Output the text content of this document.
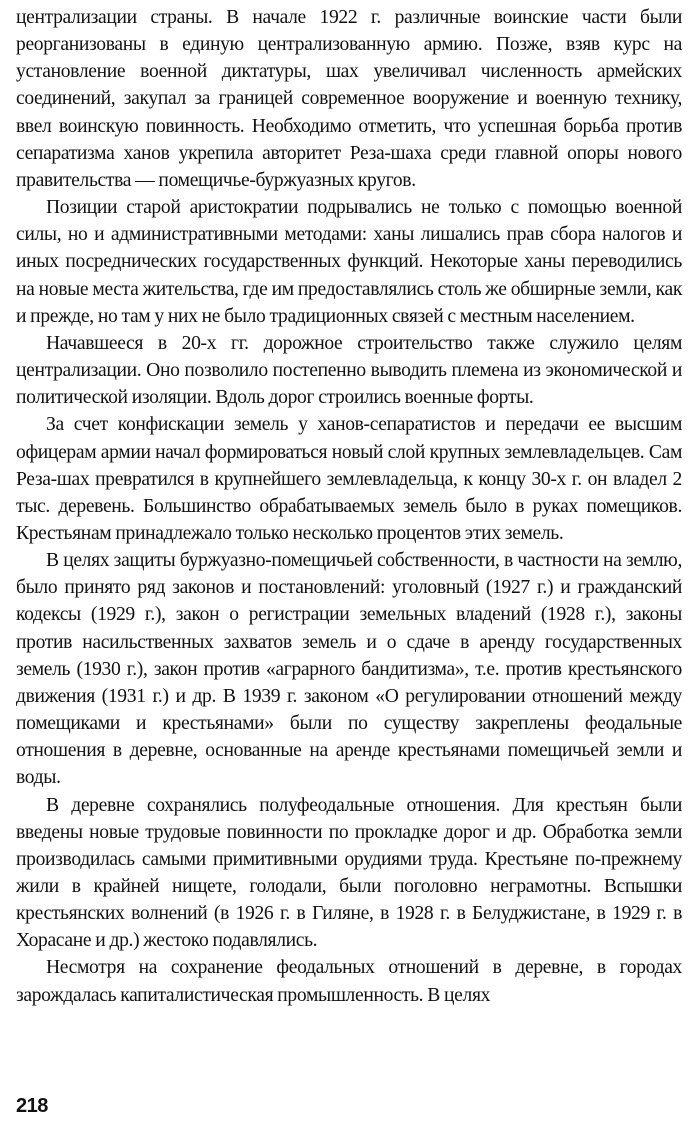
централизации страны. В начале 1922 г. различные воинские части были реорганизованы в единую централизованную армию. Позже, взяв курс на установление военной диктатуры, шах увеличивал численность армейских соединений, закупал за границей современное вооружение и военную технику, ввел воинскую повинность. Необходимо отметить, что успешная борьба против сепаратизма ханов укрепила авторитет Реза-шаха среди главной опоры нового правительства — помещичье-буржуазных кругов.

Позиции старой аристократии подрывались не только с помощью военной силы, но и административными методами: ханы лишались прав сбора налогов и иных посреднических государственных функций. Некоторые ханы переводились на новые места жительства, где им предоставлялись столь же обширные земли, как и прежде, но там у них не было традиционных связей с местным населением.

Начавшееся в 20-х гг. дорожное строительство также служило целям централизации. Оно позволило постепенно выводить племена из экономической и политической изоляции. Вдоль дорог строились военные форты.

За счет конфискации земель у ханов-сепаратистов и передачи ее высшим офицерам армии начал формироваться новый слой крупных землевладельцев. Сам Реза-шах превратился в крупнейшего землевладельца, к концу 30-х г. он владел 2 тыс. деревень. Большинство обрабатываемых земель было в руках помещиков. Крестьянам принадлежало только несколько процентов этих земель.

В целях защиты буржуазно-помещичьей собственности, в частности на землю, было принято ряд законов и постановлений: уголовный (1927 г.) и гражданский кодексы (1929 г.), закон о регистрации земельных владений (1928 г.), законы против насильственных захватов земель и о сдаче в аренду государственных земель (1930 г.), закон против «аграрного бандитизма», т.е. против крестьянского движения (1931 г.) и др. В 1939 г. законом «О регулировании отношений между помещиками и крестьянами» были по существу закреплены феодальные отношения в деревне, основанные на аренде крестьянами помещичьей земли и воды.

В деревне сохранялись полуфеодальные отношения. Для крестьян были введены новые трудовые повинности по прокладке дорог и др. Обработка земли производилась самыми примитивными орудиями труда. Крестьяне по-прежнему жили в крайней нищете, голодали, были поголовно неграмотны. Вспышки крестьянских волнений (в 1926 г. в Гиляне, в 1928 г. в Белуджистане, в 1929 г. в Хорасане и др.) жестоко подавлялись.

Несмотря на сохранение феодальных отношений в деревне, в городах зарождалась капиталистическая промышленность. В целях

218
